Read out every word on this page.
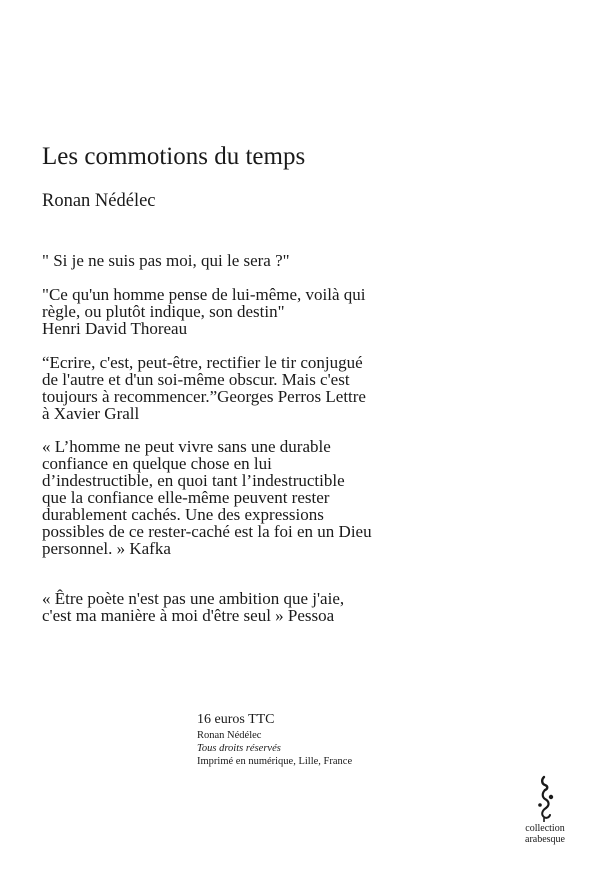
Les commotions du temps

Ronan Nédélec

" Si je ne suis pas moi, qui le sera ?"

"Ce qu'un homme pense de lui-même, voilà qui
règle, ou plutôt indique, son destin"
Henri David Thoreau

“Ecrire, c'est, peut-être, rectifier le tir conjugué
de l'autre et d'un soi-même obscur. Mais c'est
toujours à recommencer.”Georges Perros Lettre
à Xavier Grall

« L’homme ne peut vivre sans une durable
confiance en quelque chose en lui
d’indestructible, en quoi tant l’indestructible
que la confiance elle-même peuvent rester
durablement cachés. Une des expressions
possibles de ce rester-caché est la foi en un Dieu
personnel. » Kafka

« Être poète n'est pas une ambition que j'aie,
c'est ma manière à moi d'être seul » Pessoa

16 euros TTC

Ronan Nédélec

Tous droits réservés

Imprimé en numérique, Lille, France

collection

arabesque
